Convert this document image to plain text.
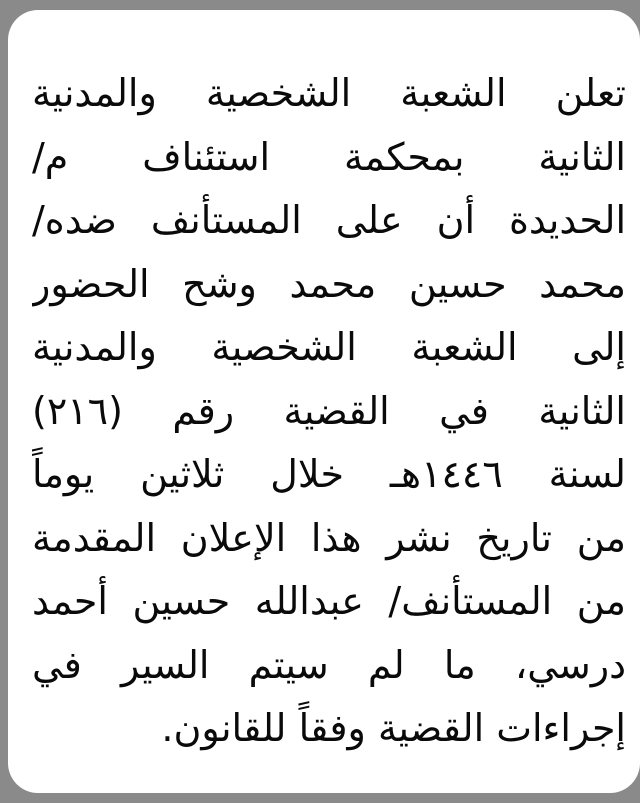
تعلن الشعبة الشخصية والمدنية
الثانية بمحكمة استئناف م/
الحديدة أن على المستأنف ضده/
محمد حسين محمد وشح الحضور
إلى الشعبة الشخصية والمدنية
الثانية في القضية رقم (٢١٦)
لسنة ١٤٤٦هـ خلال ثلاثين يوماً
من تاريخ نشر هذا الإعلان المقدمة
من المستأنف/ عبدالله حسين أحمد
درسي، ما لم سيتم السير في
إجراءات القضية وفقاً للقانون.
